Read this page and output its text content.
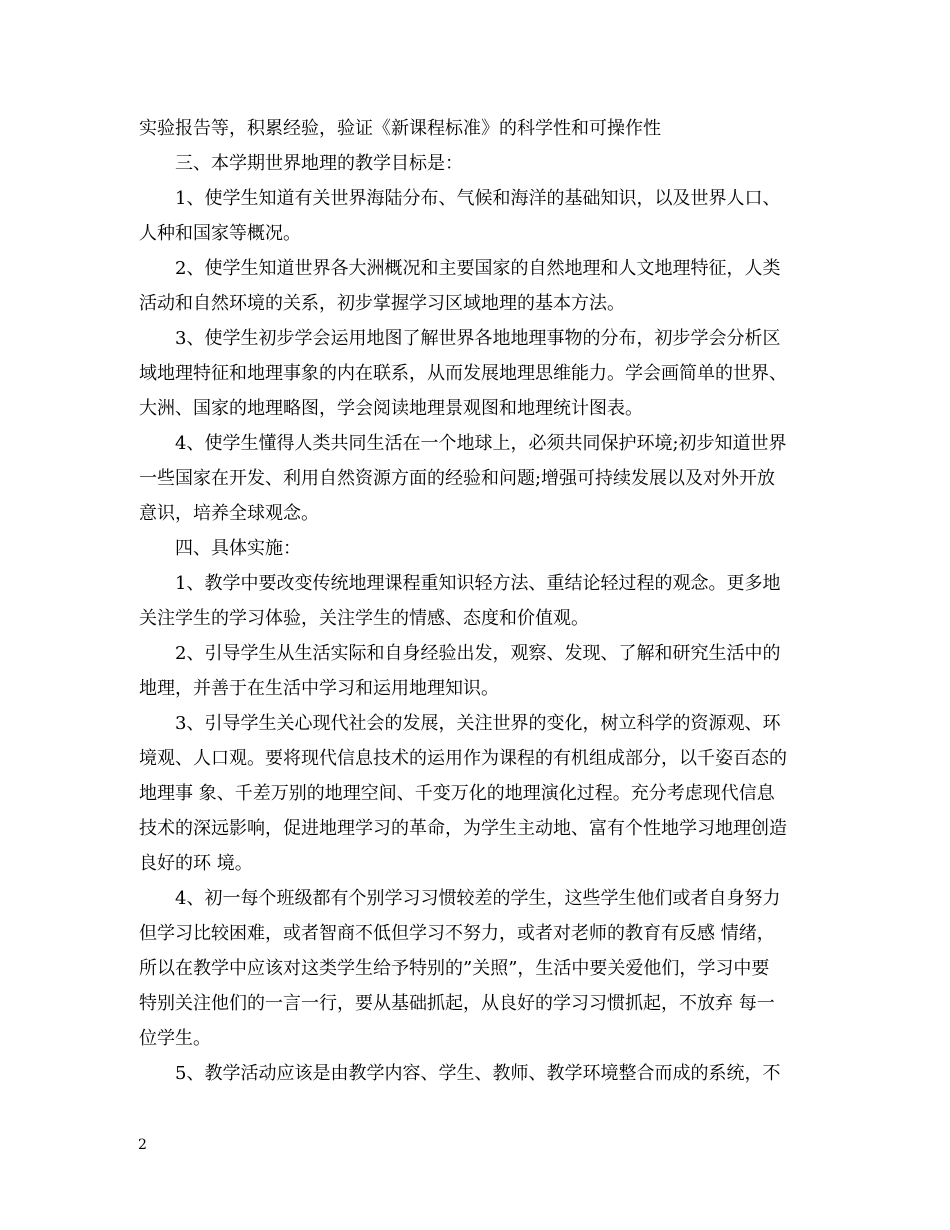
实验报告等，积累经验，验证《新课程标准》的科学性和可操作性
三、本学期世界地理的教学目标是：
1、使学生知道有关世界海陆分布、气候和海洋的基础知识，以及世界人口、
人种和国家等概况。
2、使学生知道世界各大洲概况和主要国家的自然地理和人文地理特征，人类
活动和自然环境的关系，初步掌握学习区域地理的基本方法。
3、使学生初步学会运用地图了解世界各地地理事物的分布，初步学会分析区
域地理特征和地理事象的内在联系，从而发展地理思维能力。学会画简单的世界、
大洲、国家的地理略图，学会阅读地理景观图和地理统计图表。
4、使学生懂得人类共同生活在一个地球上，必须共同保护环境;初步知道世界
一些国家在开发、利用自然资源方面的经验和问题;增强可持续发展以及对外开放
意识，培养全球观念。
四、具体实施：
1、教学中要改变传统地理课程重知识轻方法、重结论轻过程的观念。更多地
关注学生的学习体验，关注学生的情感、态度和价值观。
2、引导学生从生活实际和自身经验出发，观察、发现、了解和研究生活中的
地理，并善于在生活中学习和运用地理知识。
3、引导学生关心现代社会的发展，关注世界的变化，树立科学的资源观、环
境观、人口观。要将现代信息技术的运用作为课程的有机组成部分，以千姿百态的
地理事 象、千差万别的地理空间、千变万化的地理演化过程。充分考虑现代信息
技术的深远影响，促进地理学习的革命，为学生主动地、富有个性地学习地理创造
良好的环 境。
4、初一每个班级都有个别学习习惯较差的学生，这些学生他们或者自身努力
但学习比较困难，或者智商不低但学习不努力，或者对老师的教育有反感 情绪，
所以在教学中应该对这类学生给予特别的”关照”，生活中要关爱他们，学习中要
特别关注他们的一言一行，要从基础抓起，从良好的学习习惯抓起，不放弃 每一
位学生。
5、教学活动应该是由教学内容、学生、教师、教学环境整合而成的系统，不
2
